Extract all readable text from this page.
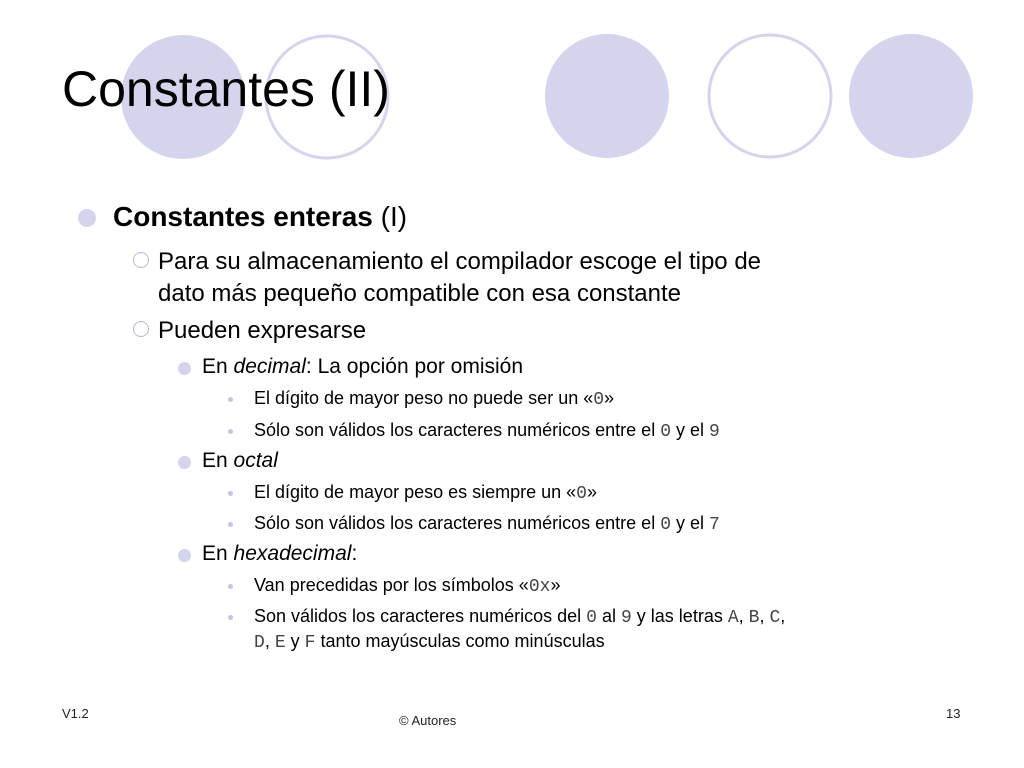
Constantes (II)
Constantes enteras (I)
Para su almacenamiento el compilador escoge el tipo de
dato más pequeño compatible con esa constante
Pueden expresarse
En decimal: La opción por omisión
El dígito de mayor peso no puede ser un «0»
Sólo son válidos los caracteres numéricos entre el 0 y el 9
En octal
El dígito de mayor peso es siempre un «0»
Sólo son válidos los caracteres numéricos entre el 0 y el 7
En hexadecimal:
Van precedidas por los símbolos «0x»
Son válidos los caracteres numéricos del 0 al 9 y las letras A, B, C,
D, E y F tanto mayúsculas como minúsculas
V1.2	© Autores	13
